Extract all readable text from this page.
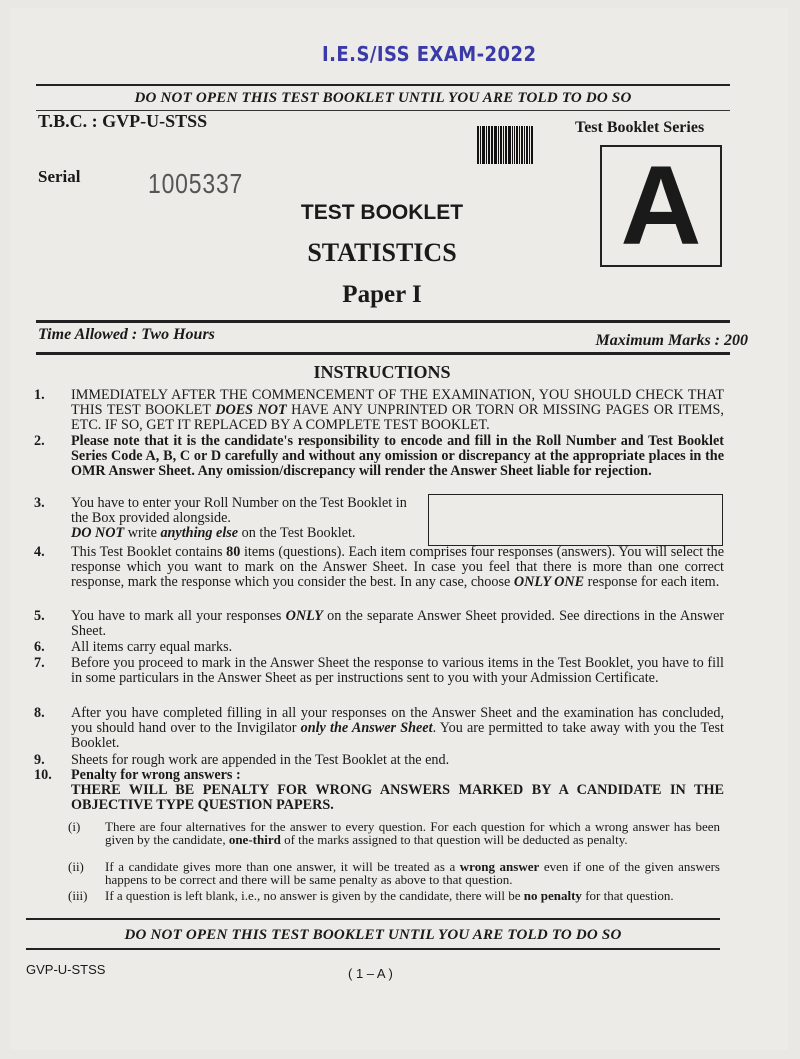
I.E.S/ISS EXAM-2022
DO NOT OPEN THIS TEST BOOKLET UNTIL YOU ARE TOLD TO DO SO
T.B.C. : GVP-U-STSS	Test Booklet Series
Serial 1005337	A
TEST BOOKLET
STATISTICS
Paper I
Time Allowed : Two Hours	Maximum Marks : 200
INSTRUCTIONS
1.	IMMEDIATELY AFTER THE COMMENCEMENT OF THE EXAMINATION, YOU SHOULD CHECK THAT THIS TEST BOOKLET DOES NOT HAVE ANY UNPRINTED OR TORN OR MISSING PAGES OR ITEMS, ETC. IF SO, GET IT REPLACED BY A COMPLETE TEST BOOKLET.
2.	Please note that it is the candidate's responsibility to encode and fill in the Roll Number and Test Booklet Series Code A, B, C or D carefully and without any omission or discrepancy at the appropriate places in the OMR Answer Sheet. Any omission/discrepancy will render the Answer Sheet liable for rejection.
3.	You have to enter your Roll Number on the Test Booklet in the Box provided alongside.
DO NOT write anything else on the Test Booklet.
4.	This Test Booklet contains 80 items (questions). Each item comprises four responses (answers). You will select the response which you want to mark on the Answer Sheet. In case you feel that there is more than one correct response, mark the response which you consider the best. In any case, choose ONLY ONE response for each item.
5.	You have to mark all your responses ONLY on the separate Answer Sheet provided. See directions in the Answer Sheet.
6.	All items carry equal marks.
7.	Before you proceed to mark in the Answer Sheet the response to various items in the Test Booklet, you have to fill in some particulars in the Answer Sheet as per instructions sent to you with your Admission Certificate.
8.	After you have completed filling in all your responses on the Answer Sheet and the examination has concluded, you should hand over to the Invigilator only the Answer Sheet. You are permitted to take away with you the Test Booklet.
9.	Sheets for rough work are appended in the Test Booklet at the end.
10.	Penalty for wrong answers :
THERE WILL BE PENALTY FOR WRONG ANSWERS MARKED BY A CANDIDATE IN THE OBJECTIVE TYPE QUESTION PAPERS.
(i) There are four alternatives for the answer to every question. For each question for which a wrong answer has been given by the candidate, one-third of the marks assigned to that question will be deducted as penalty.
(ii) If a candidate gives more than one answer, it will be treated as a wrong answer even if one of the given answers happens to be correct and there will be same penalty as above to that question.
(iii) If a question is left blank, i.e., no answer is given by the candidate, there will be no penalty for that question.
DO NOT OPEN THIS TEST BOOKLET UNTIL YOU ARE TOLD TO DO SO
GVP-U-STSS	( 1 – A )
